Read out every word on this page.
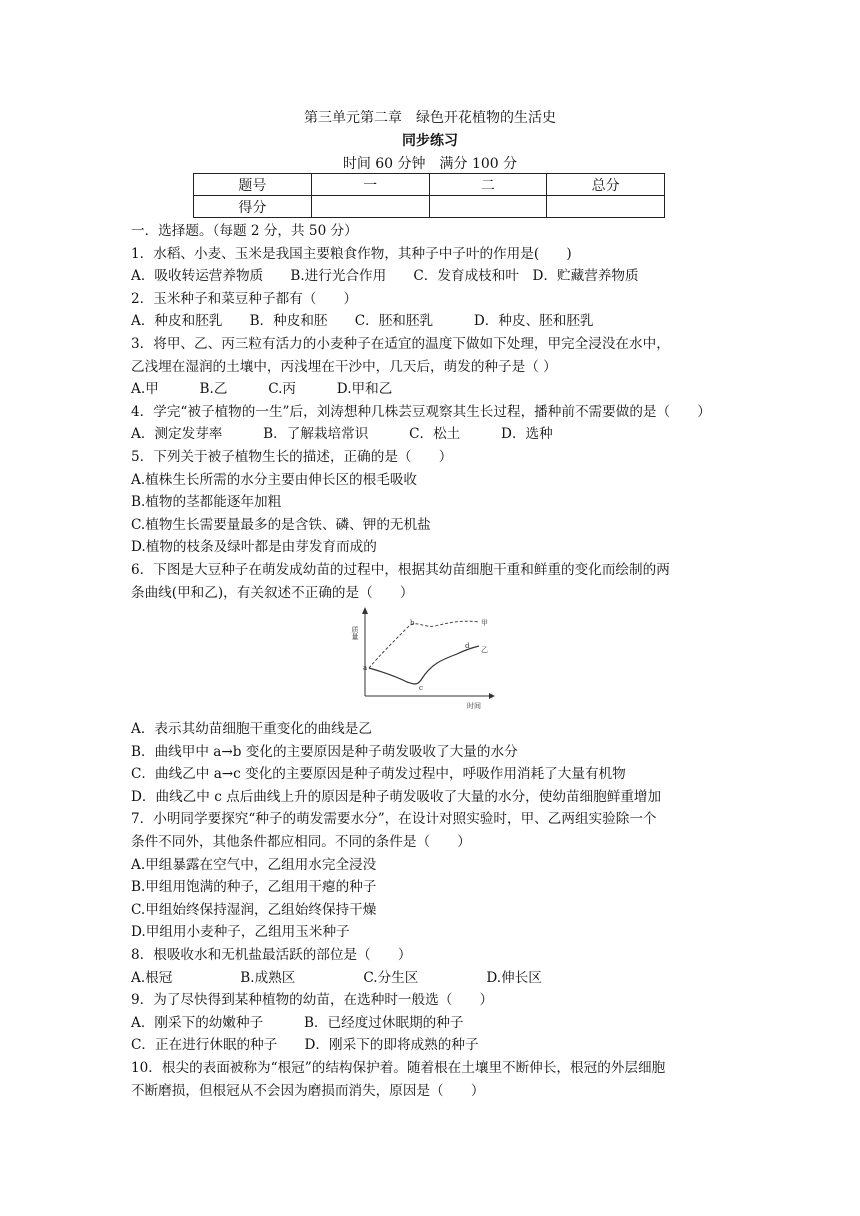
第三单元第二章　绿色开花植物的生活史
同步练习
时间 60 分钟　满分 100 分
题号	一	二	总分
得分			
一．选择题。（每题 2 分，共 50 分）
1．水稻、小麦、玉米是我国主要粮食作物，其种子中子叶的作用是(　　)
A．吸收转运营养物质　　B.进行光合作用　　C．发育成枝和叶　D．贮藏营养物质
2．玉米种子和菜豆种子都有（　　）
A．种皮和胚乳　　B．种皮和胚　　C．胚和胚乳　　　D．种皮、胚和胚乳
3．将甲、乙、丙三粒有活力的小麦种子在适宜的温度下做如下处理，甲完全浸没在水中，
乙浅埋在湿润的土壤中，丙浅埋在干沙中，几天后，萌发的种子是（ ）
A.甲　　　B.乙　　　C.丙　　　D.甲和乙
4．学完“被子植物的一生”后，刘涛想种几株芸豆观察其生长过程，播种前不需要做的是（　　）
A．测定发芽率　　　B．了解栽培常识　　　C．松土　　　D．选种
5．下列关于被子植物生长的描述，正确的是（　　）
A.植株生长所需的水分主要由伸长区的根毛吸收
B.植物的茎都能逐年加粗
C.植物生长需要量最多的是含铁、磷、钾的无机盐
D.植物的枝条及绿叶都是由芽发育而成的
6．下图是大豆种子在萌发成幼苗的过程中，根据其幼苗细胞干重和鲜重的变化而绘制的两
条曲线(甲和乙)，有关叙述不正确的是（　　）
质量
时间
a
b
c
d
甲
乙
A．表示其幼苗细胞干重变化的曲线是乙
B．曲线甲中 a→b 变化的主要原因是种子萌发吸收了大量的水分
C．曲线乙中 a→c 变化的主要原因是种子萌发过程中，呼吸作用消耗了大量有机物
D．曲线乙中 c 点后曲线上升的原因是种子萌发吸收了大量的水分，使幼苗细胞鲜重增加
7．小明同学要探究“种子的萌发需要水分”，在设计对照实验时，甲、乙两组实验除一个
条件不同外，其他条件都应相同。不同的条件是（　　）
A.甲组暴露在空气中，乙组用水完全浸没
B.甲组用饱满的种子，乙组用干瘪的种子
C.甲组始终保持湿润，乙组始终保持干燥
D.甲组用小麦种子，乙组用玉米种子
8．根吸收水和无机盐最活跃的部位是（　　）
A.根冠　　　　　B.成熟区　　　　　C.分生区　　　　　D.伸长区
9．为了尽快得到某种植物的幼苗，在选种时一般选（　　）
A．刚采下的幼嫩种子　　　B．已经度过休眠期的种子
C．正在进行休眠的种子　　D．刚采下的即将成熟的种子
10．根尖的表面被称为“根冠”的结构保护着。随着根在土壤里不断伸长，根冠的外层细胞
不断磨损，但根冠从不会因为磨损而消失，原因是（　　）
